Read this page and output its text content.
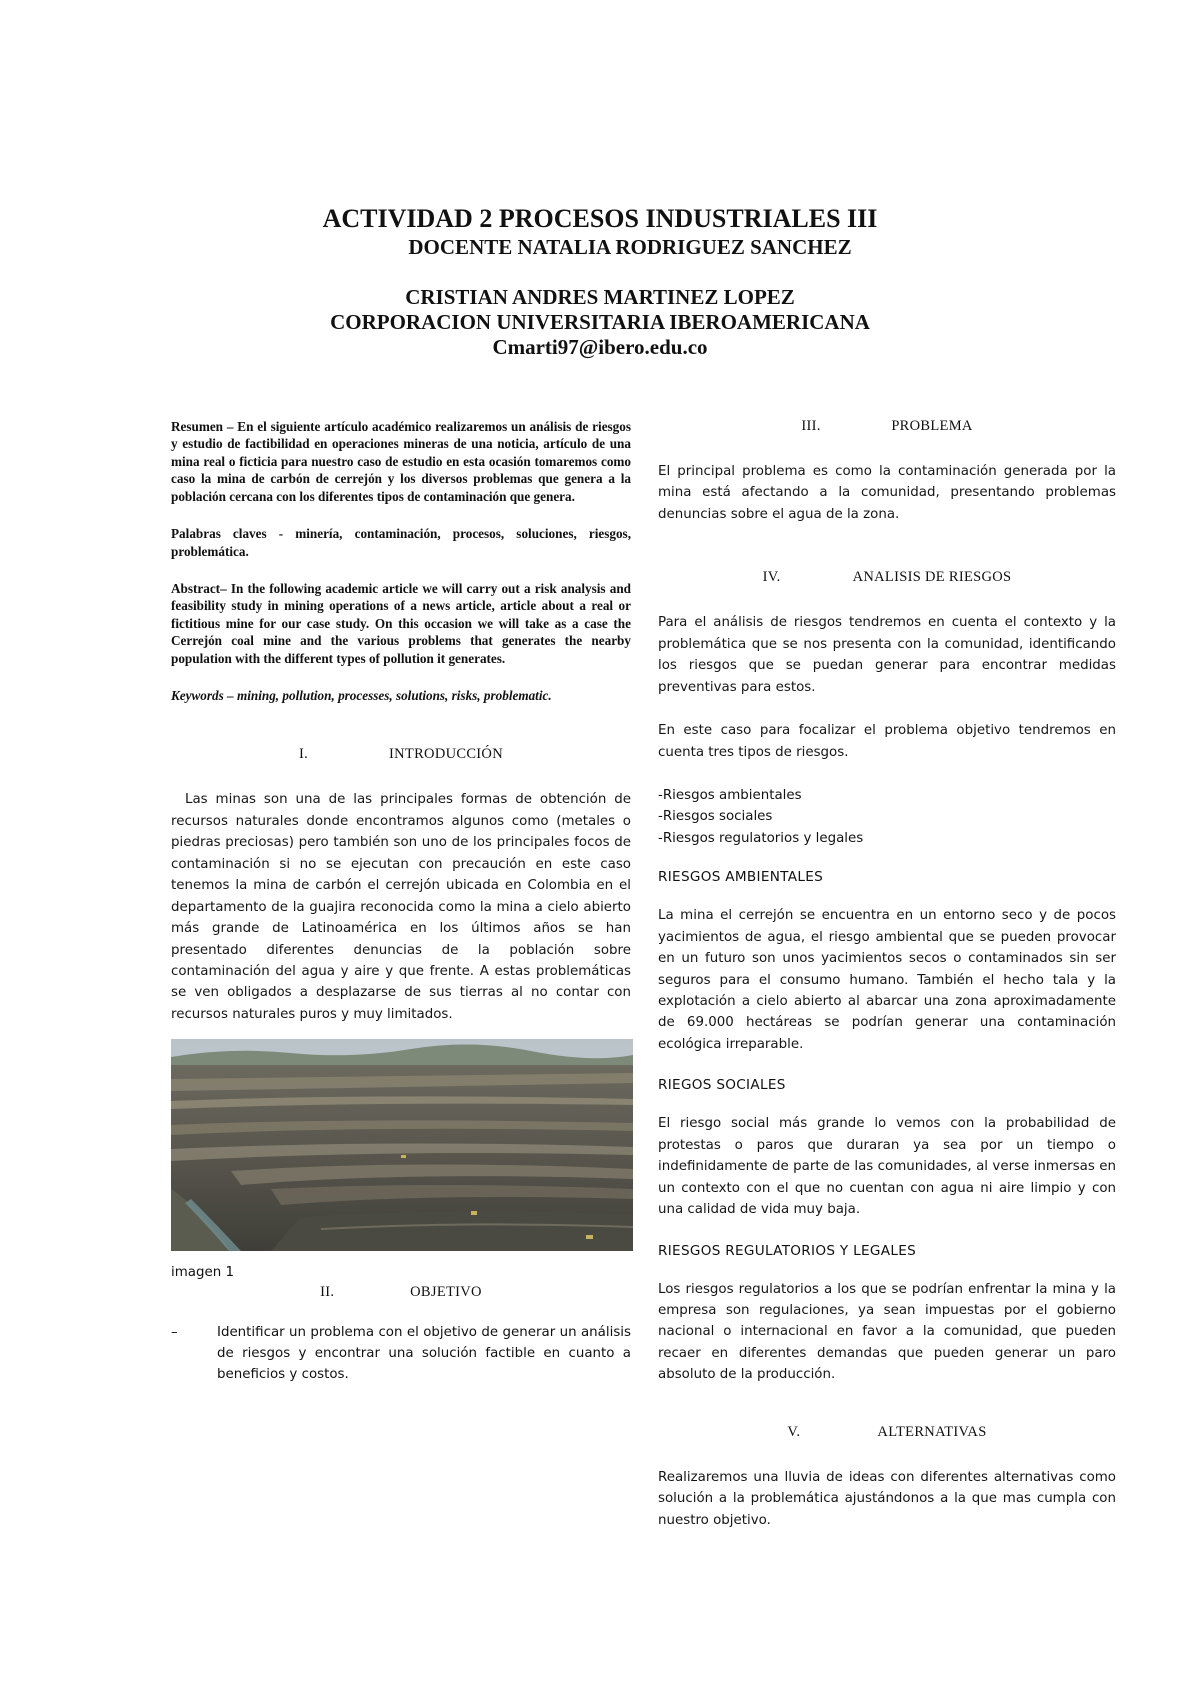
ACTIVIDAD 2 PROCESOS INDUSTRIALES III
DOCENTE NATALIA RODRIGUEZ SANCHEZ
CRISTIAN ANDRES MARTINEZ LOPEZ
CORPORACION UNIVERSITARIA IBEROAMERICANA
Cmarti97@ibero.edu.co

Resumen – En el siguiente artículo académico realizaremos un análisis de riesgos y estudio de factibilidad en operaciones mineras de una noticia, artículo de una mina real o ficticia para nuestro caso de estudio en esta ocasión tomaremos como caso la mina de carbón de cerrejón y los diversos problemas que genera a la población cercana con los diferentes tipos de contaminación que genera.

Palabras claves - minería, contaminación, procesos, soluciones, riesgos, problemática.

Abstract– In the following academic article we will carry out a risk analysis and feasibility study in mining operations of a news article, article about a real or fictitious mine for our case study. On this occasion we will take as a case the Cerrejón coal mine and the various problems that generates the nearby population with the different types of pollution it generates.

Keywords – mining, pollution, processes, solutions, risks, problematic.

I.	INTRODUCCIÓN

Las minas son una de las principales formas de obtención de recursos naturales donde encontramos algunos como (metales o piedras preciosas) pero también son uno de los principales focos de contaminación si no se ejecutan con precaución en este caso tenemos la mina de carbón el cerrejón ubicada en Colombia en el departamento de la guajira reconocida como la mina a cielo abierto más grande de Latinoamérica en los últimos años se han presentado diferentes denuncias de la población sobre contaminación del agua y aire y que frente. A estas problemáticas se ven obligados a desplazarse de sus tierras al no contar con recursos naturales puros y muy limitados.

imagen 1
II.	OBJETIVO
–	Identificar un problema con el objetivo de generar un análisis de riesgos y encontrar una solución factible en cuanto a beneficios y costos.
III.	PROBLEMA

El principal problema es como la contaminación generada por la mina está afectando a la comunidad, presentando problemas denuncias sobre el agua de la zona.

IV.	ANALISIS DE RIESGOS

Para el análisis de riesgos tendremos en cuenta el contexto y la problemática que se nos presenta con la comunidad, identificando los riesgos que se puedan generar para encontrar medidas preventivas para estos.

En este caso para focalizar el problema objetivo tendremos en cuenta tres tipos de riesgos.

-Riesgos ambientales
-Riesgos sociales
-Riesgos regulatorios y legales
RIESGOS AMBIENTALES

La mina el cerrejón se encuentra en un entorno seco y de pocos yacimientos de agua, el riesgo ambiental que se pueden provocar en un futuro son unos yacimientos secos o contaminados sin ser seguros para el consumo humano. También el hecho tala y la explotación a cielo abierto al abarcar una zona aproximadamente de 69.000 hectáreas se podrían generar una contaminación ecológica irreparable.

RIEGOS SOCIALES

El riesgo social más grande lo vemos con la probabilidad de protestas o paros que duraran ya sea por un tiempo o indefinidamente de parte de las comunidades, al verse inmersas en un contexto con el que no cuentan con agua ni aire limpio y con una calidad de vida muy baja.

RIESGOS REGULATORIOS Y LEGALES

Los riesgos regulatorios a los que se podrían enfrentar la mina y la empresa son regulaciones, ya sean impuestas por el gobierno nacional o internacional en favor a la comunidad, que pueden recaer en diferentes demandas que pueden generar un paro absoluto de la producción.

V.	ALTERNATIVAS

Realizaremos una lluvia de ideas con diferentes alternativas como solución a la problemática ajustándonos a la que mas cumpla con nuestro objetivo.
